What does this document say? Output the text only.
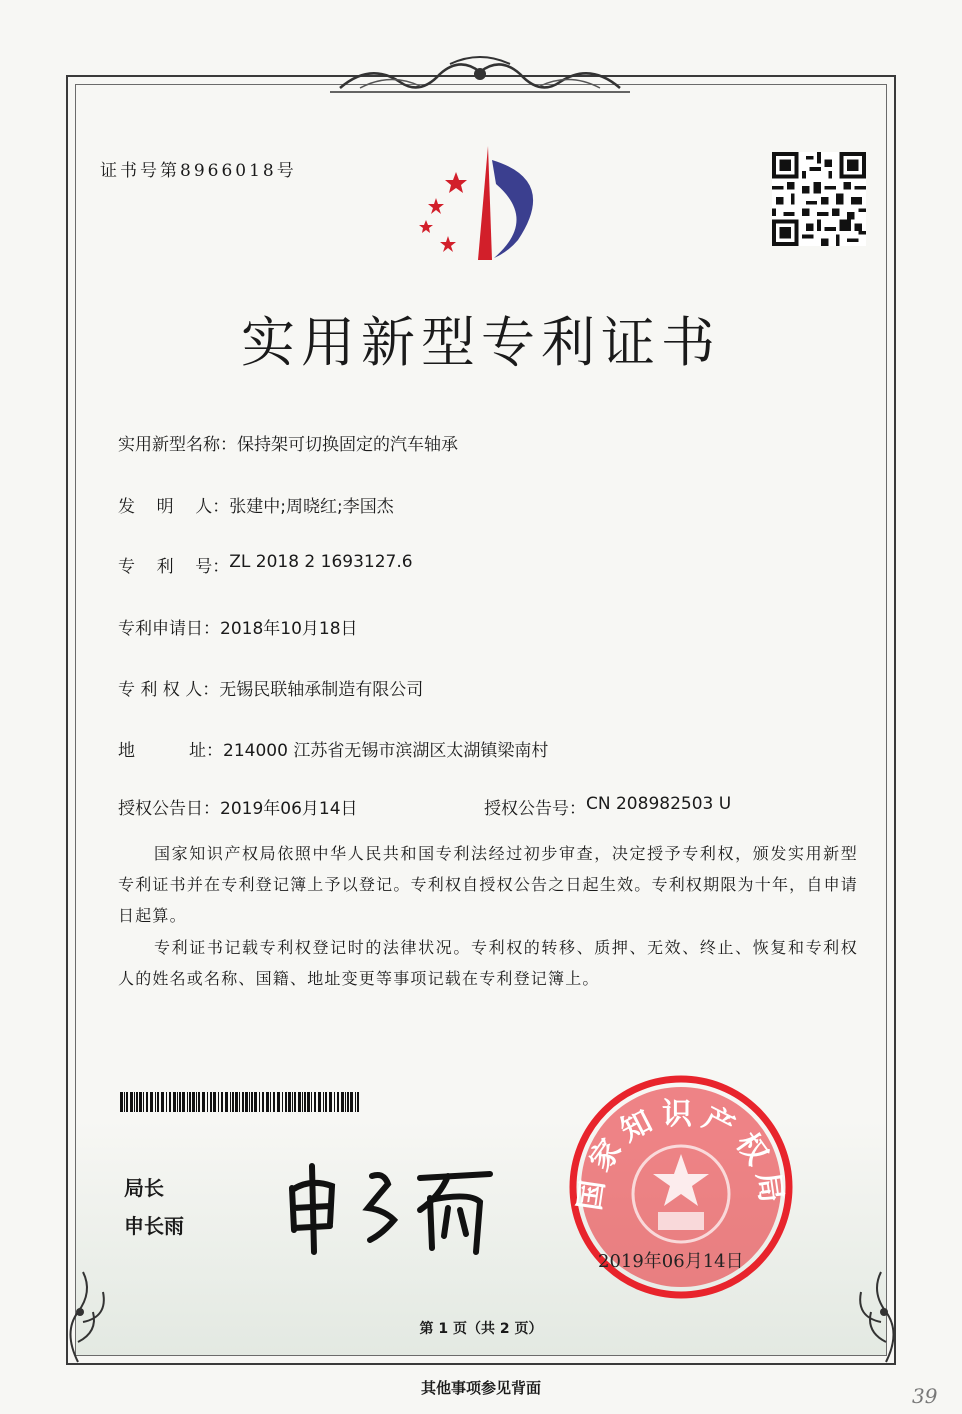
证书号第8966018号
实用新型专利证书
实用新型名称： 保持架可切换固定的汽车轴承
发    明    人： 张建中;周晓红;李国杰
专    利    号： ZL 2018 2 1693127.6
专利申请日： 2018年10月18日
专 利 权 人： 无锡民联轴承制造有限公司
地          址： 214000 江苏省无锡市滨湖区太湖镇梁南村
授权公告日： 2019年06月14日	授权公告号： CN 208982503 U

国家知识产权局依照中华人民共和国专利法经过初步审查，决定授予专利权，颁发实用新型专利证书并在专利登记簿上予以登记。专利权自授权公告之日起生效。专利权期限为十年，自申请日起算。

专利证书记载专利权登记时的法律状况。专利权的转移、质押、无效、终止、恢复和专利权人的姓名或名称、国籍、地址变更等事项记载在专利登记簿上。

局长
申长雨
国家知识产权局
2019年06月14日
第 1 页（共 2 页）
其他事项参见背面	39
